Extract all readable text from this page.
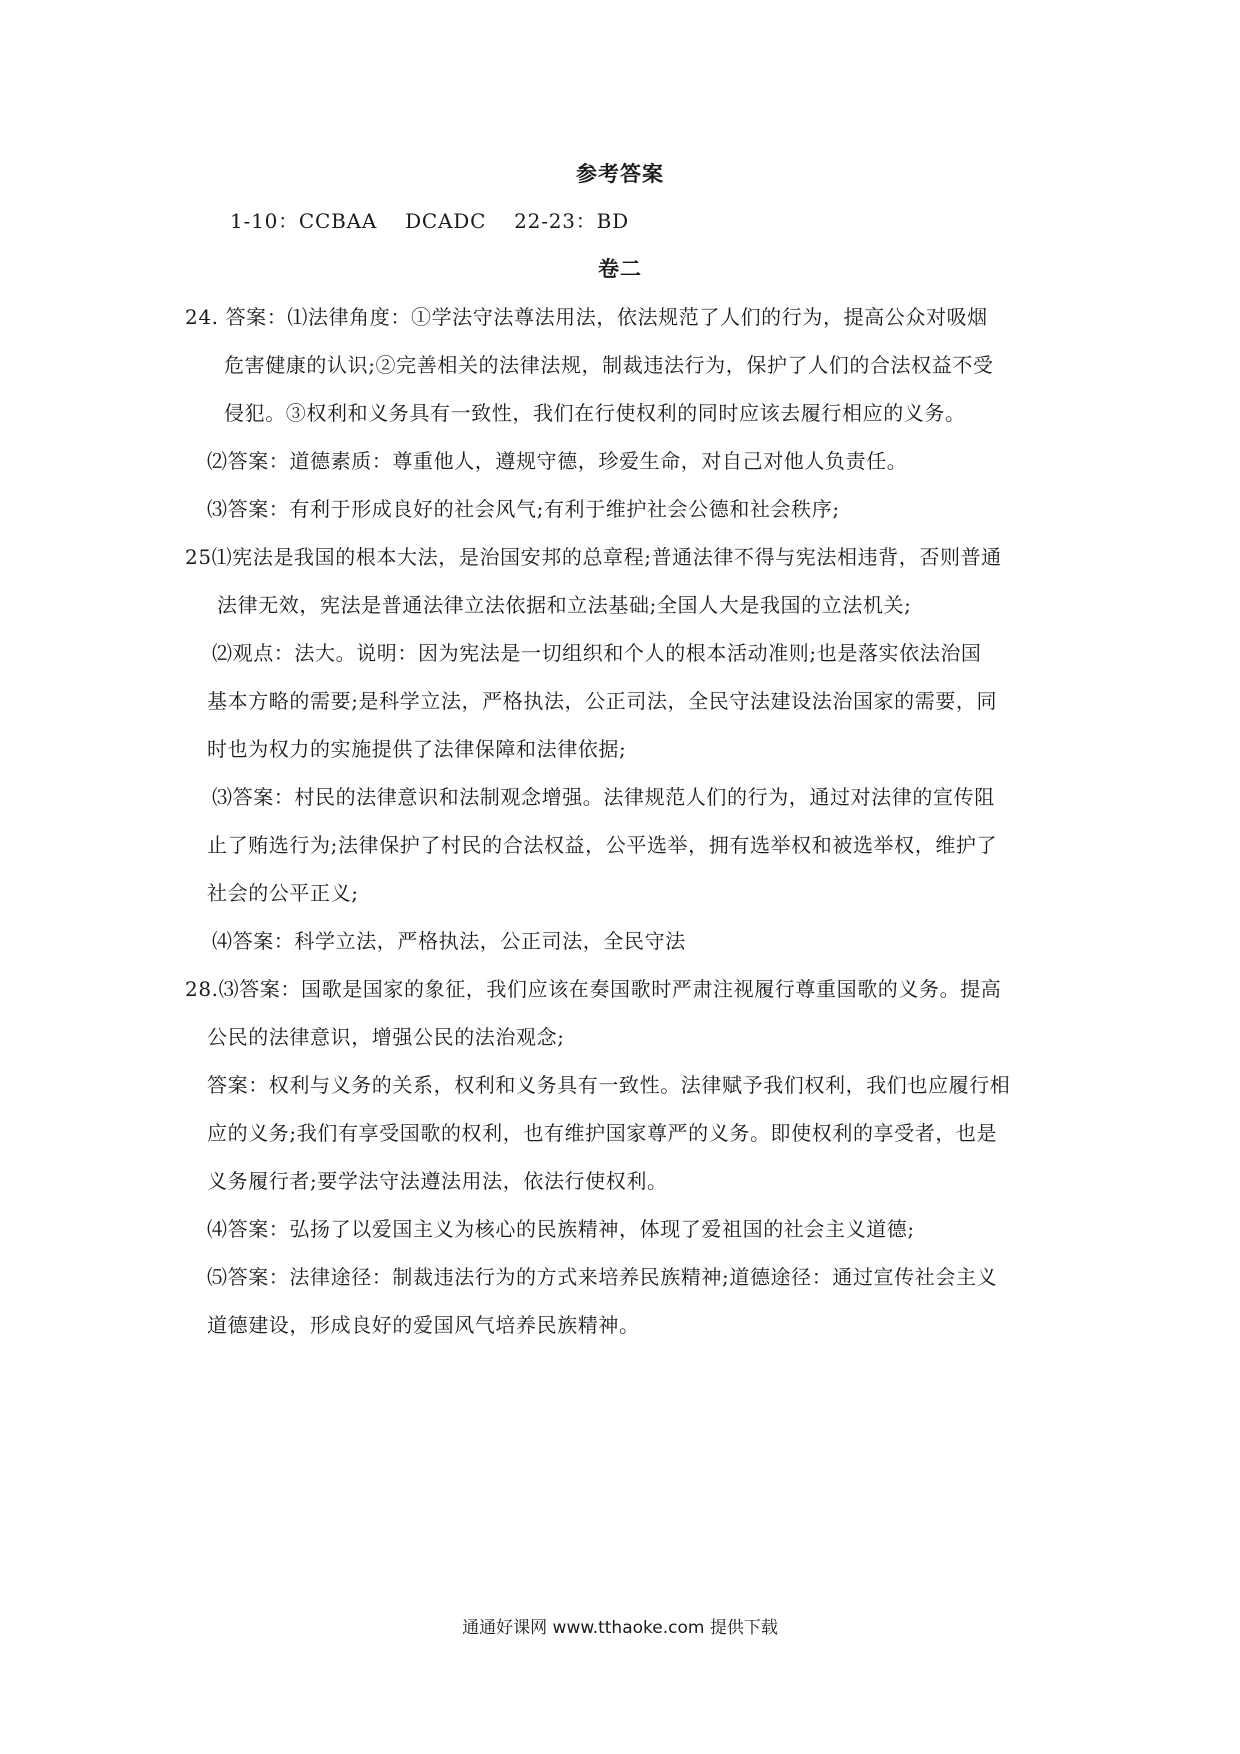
参考答案
1-10：CCBAA　 DCADC　 22-23：BD
卷二
24. 答案：⑴法律角度：①学法守法尊法用法，依法规范了人们的行为，提高公众对吸烟
危害健康的认识;②完善相关的法律法规，制裁违法行为，保护了人们的合法权益不受
侵犯。③权利和义务具有一致性，我们在行使权利的同时应该去履行相应的义务。
⑵答案：道德素质：尊重他人，遵规守德，珍爱生命，对自己对他人负责任。
⑶答案：有利于形成良好的社会风气;有利于维护社会公德和社会秩序;
25⑴宪法是我国的根本大法，是治国安邦的总章程;普通法律不得与宪法相违背，否则普通
法律无效，宪法是普通法律立法依据和立法基础;全国人大是我国的立法机关;
⑵观点：法大。说明：因为宪法是一切组织和个人的根本活动准则;也是落实依法治国
基本方略的需要;是科学立法，严格执法，公正司法，全民守法建设法治国家的需要，同
时也为权力的实施提供了法律保障和法律依据;
⑶答案：村民的法律意识和法制观念增强。法律规范人们的行为，通过对法律的宣传阻
止了贿选行为;法律保护了村民的合法权益，公平选举，拥有选举权和被选举权，维护了
社会的公平正义;
⑷答案：科学立法，严格执法，公正司法，全民守法
28.⑶答案：国歌是国家的象征，我们应该在奏国歌时严肃注视履行尊重国歌的义务。提高
公民的法律意识，增强公民的法治观念;
答案：权利与义务的关系，权利和义务具有一致性。法律赋予我们权利，我们也应履行相
应的义务;我们有享受国歌的权利，也有维护国家尊严的义务。即使权利的享受者，也是
义务履行者;要学法守法遵法用法，依法行使权利。
⑷答案：弘扬了以爱国主义为核心的民族精神，体现了爱祖国的社会主义道德;
⑸答案：法律途径：制裁违法行为的方式来培养民族精神;道德途径：通过宣传社会主义
道德建设，形成良好的爱国风气培养民族精神。
通通好课网 www.tthaoke.com 提供下载
